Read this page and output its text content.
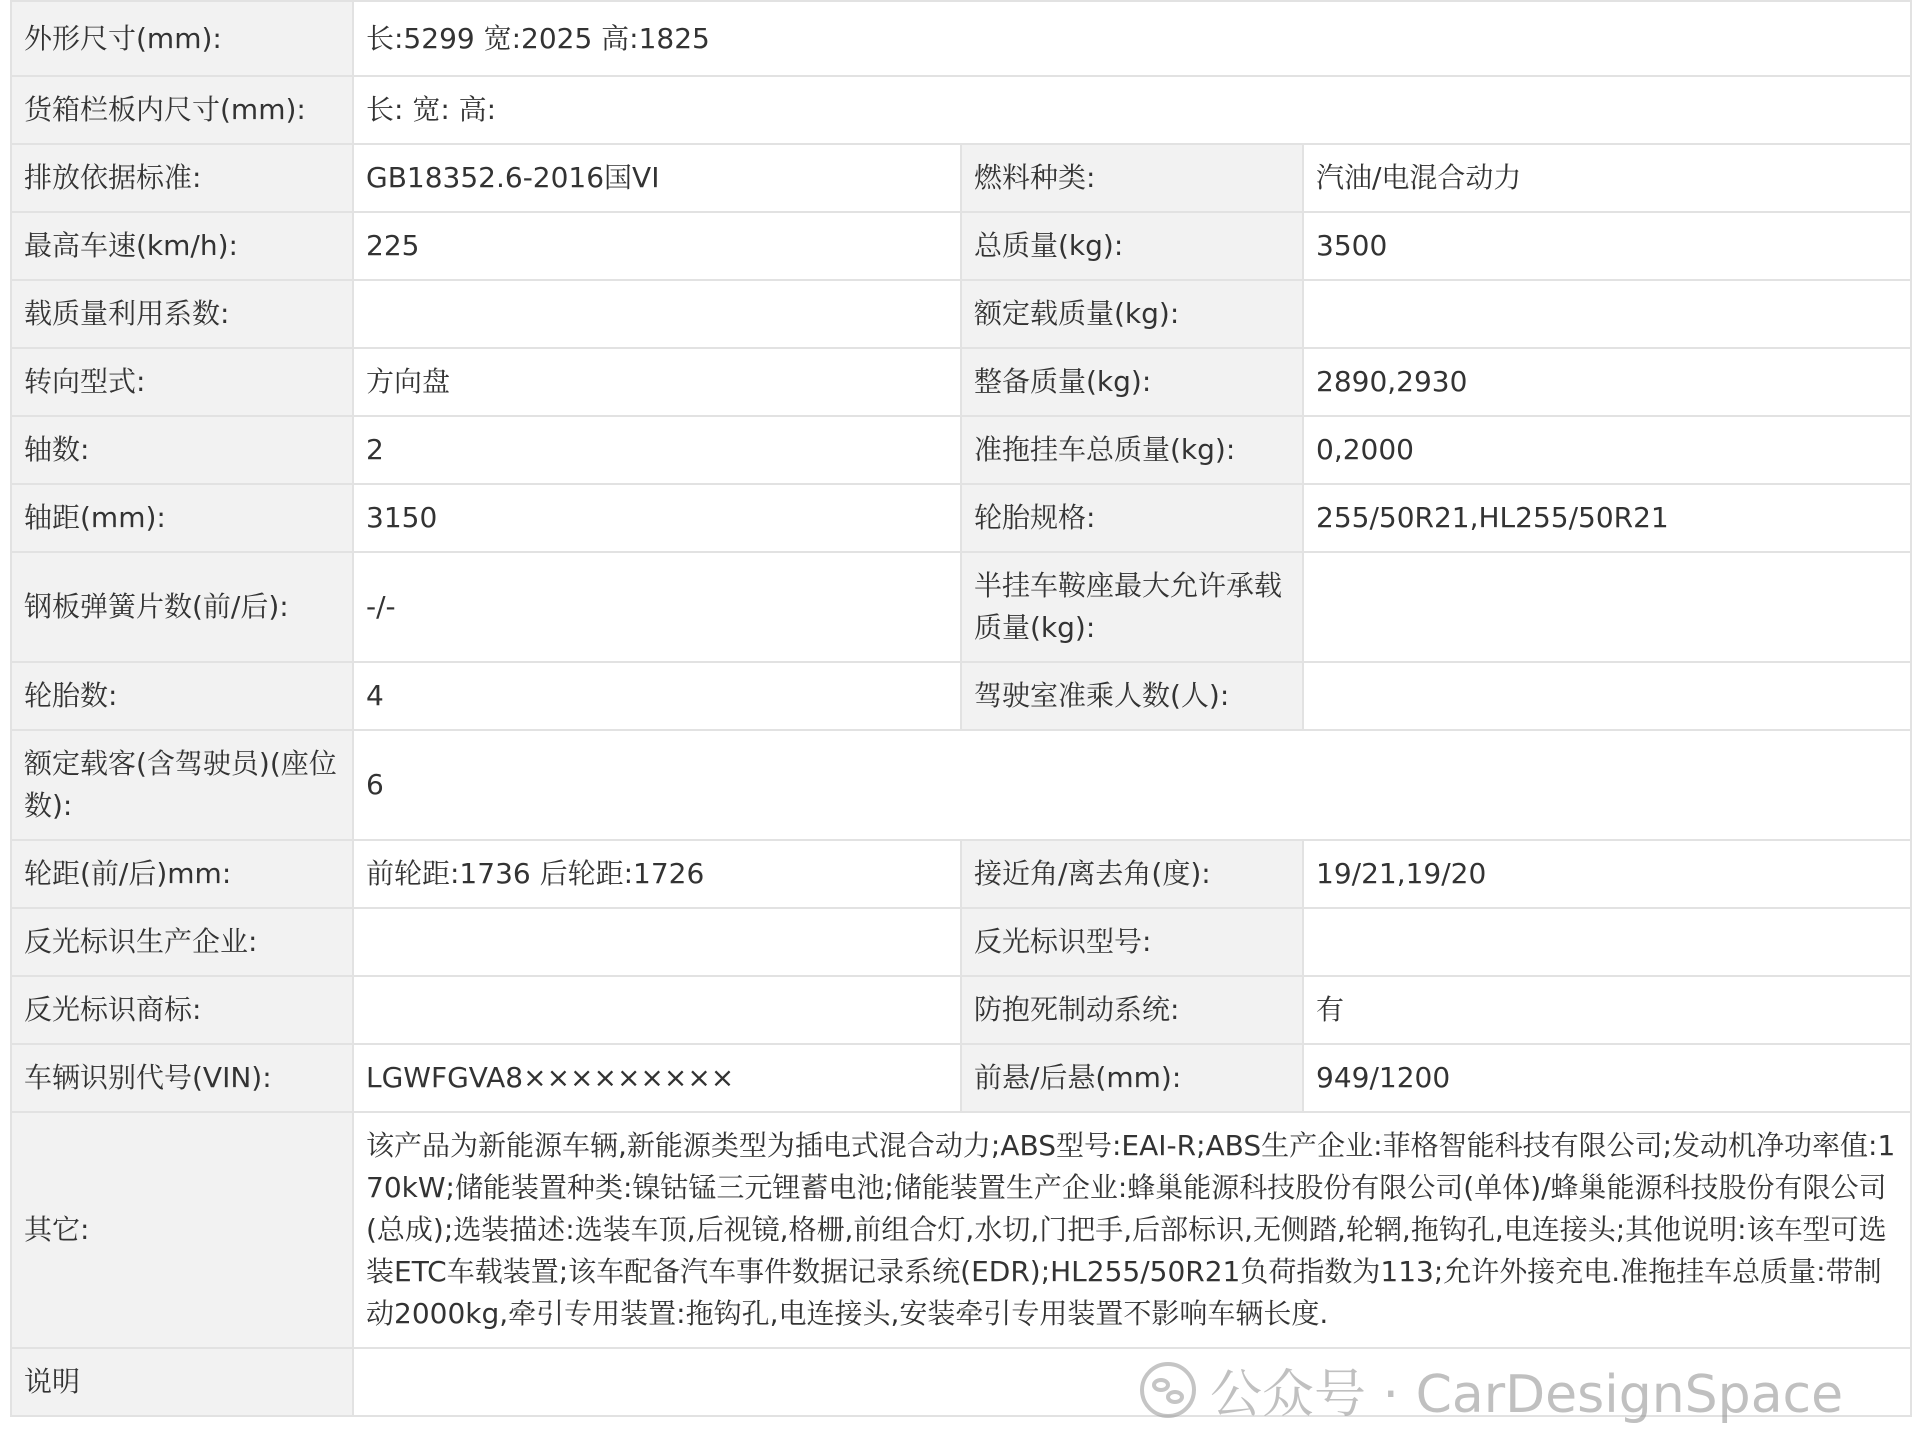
外形尺寸(mm):	长:5299 宽:2025 高:1825		
货箱栏板内尺寸(mm):	长: 宽: 高:		
排放依据标准:	GB18352.6-2016国VI	燃料种类:	汽油/电混合动力
最高车速(km/h):	225	总质量(kg):	3500
载质量利用系数:		额定载质量(kg):	
转向型式:	方向盘	整备质量(kg):	2890,2930
轴数:	2	准拖挂车总质量(kg):	0,2000
轴距(mm):	3150	轮胎规格:	255/50R21,HL255/50R21
钢板弹簧片数(前/后):	-/-	半挂车鞍座最大允许承载质量(kg):	
轮胎数:	4	驾驶室准乘人数(人):	
额定载客(含驾驶员)(座位数):	6		
轮距(前/后)mm:	前轮距:1736 后轮距:1726	接近角/离去角(度):	19/21,19/20
反光标识生产企业:		反光标识型号:	
反光标识商标:		防抱死制动系统:	有
车辆识别代号(VIN):	LGWFGVA8×××××××××	前悬/后悬(mm):	949/1200
其它:	该产品为新能源车辆,新能源类型为插电式混合动力;ABS型号:EAI-R;ABS生产企业:菲格智能科技有限公司;发动机净功率值:170kW;储能装置种类:镍钴锰三元锂蓄电池;储能装置生产企业:蜂巢能源科技股份有限公司(单体)/蜂巢能源科技股份有限公司(总成);选装描述:选装车顶,后视镜,格栅,前组合灯,水切,门把手,后部标识,无侧踏,轮辋,拖钩孔,电连接头;其他说明:该车型可选装ETC车载装置;该车配备汽车事件数据记录系统(EDR);HL255/50R21负荷指数为113;允许外接充电.准拖挂车总质量:带制动2000kg,牵引专用装置:拖钩孔,电连接头,安装牵引专用装置不影响车辆长度.		
说明				公众号 · CarDesignSpace
